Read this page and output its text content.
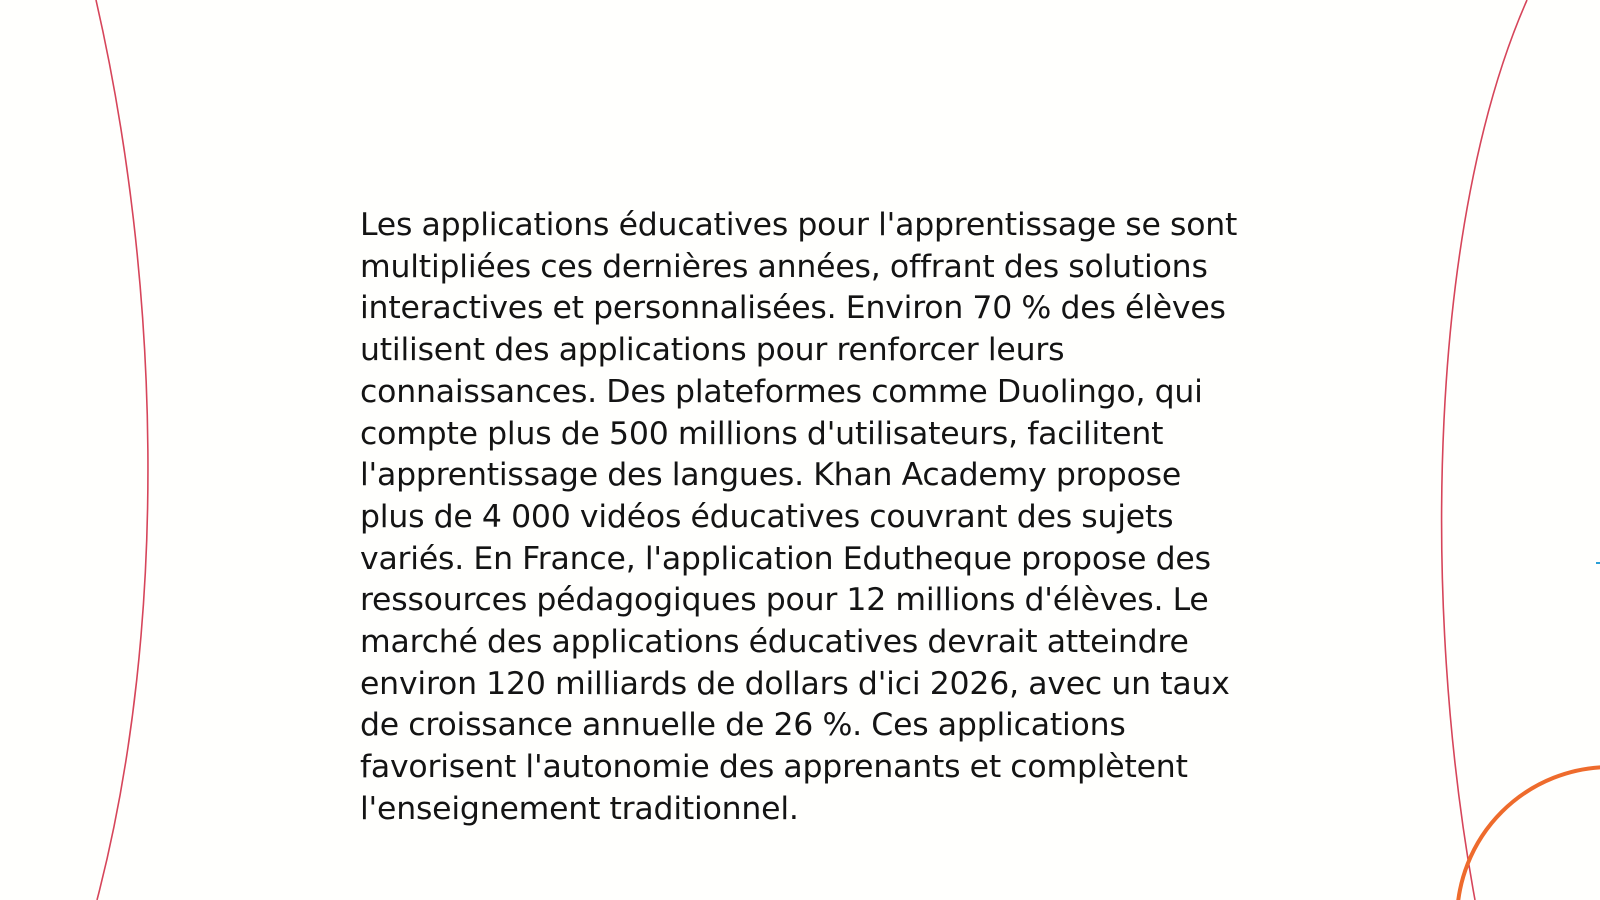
Les applications éducatives pour l'apprentissage se sont multipliées ces dernières années, offrant des solutions interactives et personnalisées. Environ 70 % des élèves utilisent des applications pour renforcer leurs connaissances. Des plateformes comme Duolingo, qui compte plus de 500 millions d'utilisateurs, facilitent l'apprentissage des langues. Khan Academy propose plus de 4 000 vidéos éducatives couvrant des sujets variés. En France, l'application Edutheque propose des ressources pédagogiques pour 12 millions d'élèves. Le marché des applications éducatives devrait atteindre environ 120 milliards de dollars d'ici 2026, avec un taux de croissance annuelle de 26 %. Ces applications favorisent l'autonomie des apprenants et complètent l'enseignement traditionnel.
